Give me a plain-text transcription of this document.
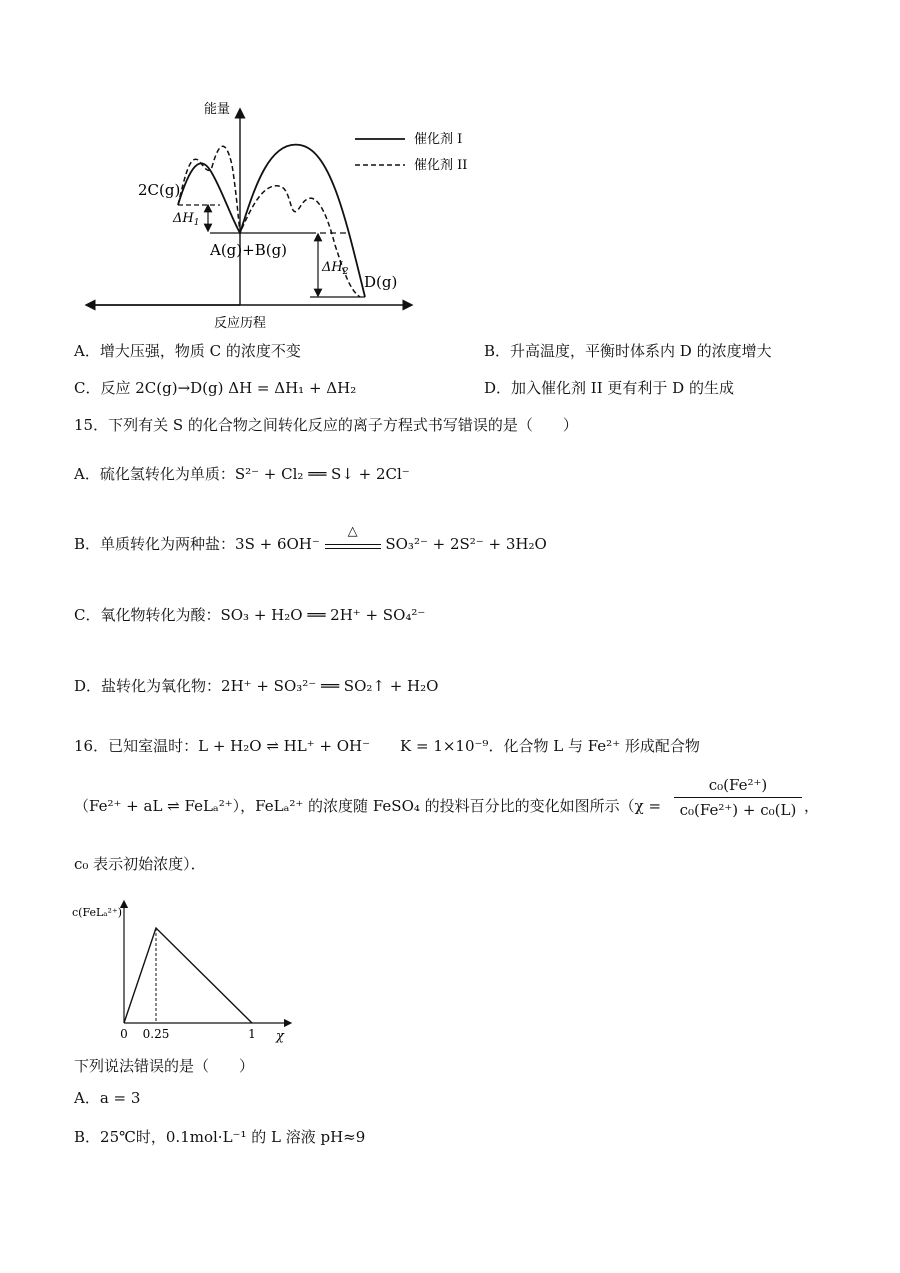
能量
反应历程
2C(g)
$\Delta H_1$
A(g)+B(g)
$\Delta H_2$
D(g)
催化剂 I
催化剂 II
A．增大压强，物质 C 的浓度不变	B．升高温度，平衡时体系内 D 的浓度增大
C．反应 2C(g)→D(g) ΔH = ΔH₁ + ΔH₂	D．加入催化剂 II 更有利于 D 的生成
15．下列有关 S 的化合物之间转化反应的离子方程式书写错误的是（　　）
A．硫化氢转化为单质：S²⁻ + Cl₂ ══ S↓ + 2Cl⁻
B．单质转化为两种盐：3S + 6OH⁻
△
SO₃²⁻ + 2S²⁻ + 3H₂O
C．氧化物转化为酸：SO₃ + H₂O ══ 2H⁺ + SO₄²⁻
D．盐转化为氧化物：2H⁺ + SO₃²⁻ ══ SO₂↑ + H₂O
16．已知室温时：L + H₂O ⇌ HL⁺ + OH⁻　　K = 1×10⁻⁹．化合物 L 与 Fe²⁺ 形成配合物
（Fe²⁺ + aL ⇌ FeLₐ²⁺），FeLₐ²⁺ 的浓度随 FeSO₄ 的投料百分比的变化如图所示（$\chi = \frac{\text{c₀(Fe²⁺)}}{\text{c₀(Fe²⁺) + c₀(L)}}$
，
c₀ 表示初始浓度）．
c(FeLₐ²⁺)
χ
0 0.25	1
下列说法错误的是（　　）
A．a = 3
B．25℃时，0.1mol·L⁻¹ 的 L 溶液 pH≈9
